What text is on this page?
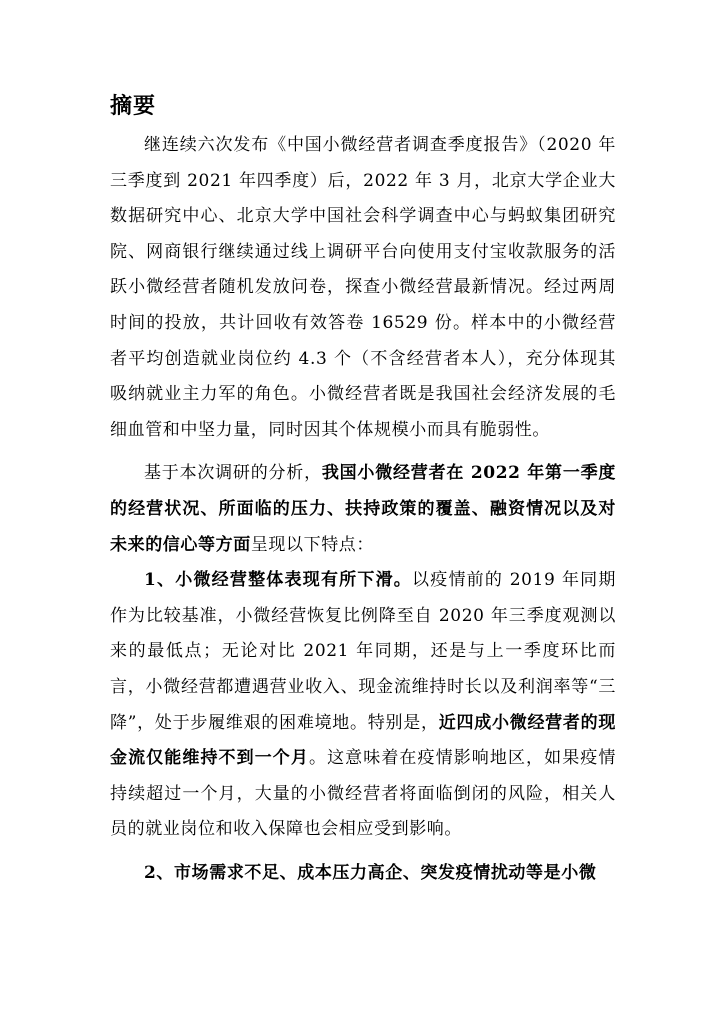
摘要

继连续六次发布《中国小微经营者调查季度报告》（2020 年三季度到 2021 年四季度）后，2022 年 3 月，北京大学企业大数据研究中心、北京大学中国社会科学调查中心与蚂蚁集团研究院、网商银行继续通过线上调研平台向使用支付宝收款服务的活跃小微经营者随机发放问卷，探查小微经营最新情况。经过两周时间的投放，共计回收有效答卷 16529 份。样本中的小微经营者平均创造就业岗位约 4.3 个（不含经营者本人），充分体现其吸纳就业主力军的角色。小微经营者既是我国社会经济发展的毛细血管和中坚力量，同时因其个体规模小而具有脆弱性。

基于本次调研的分析，我国小微经营者在 2022 年第一季度的经营状况、所面临的压力、扶持政策的覆盖、融资情况以及对未来的信心等方面呈现以下特点：

1、小微经营整体表现有所下滑。以疫情前的 2019 年同期作为比较基准，小微经营恢复比例降至自 2020 年三季度观测以来的最低点；无论对比 2021 年同期，还是与上一季度环比而言，小微经营都遭遇营业收入、现金流维持时长以及利润率等“三降”，处于步履维艰的困难境地。特别是，近四成小微经营者的现金流仅能维持不到一个月。这意味着在疫情影响地区，如果疫情持续超过一个月，大量的小微经营者将面临倒闭的风险，相关人员的就业岗位和收入保障也会相应受到影响。

2、市场需求不足、成本压力高企、突发疫情扰动等是小微
